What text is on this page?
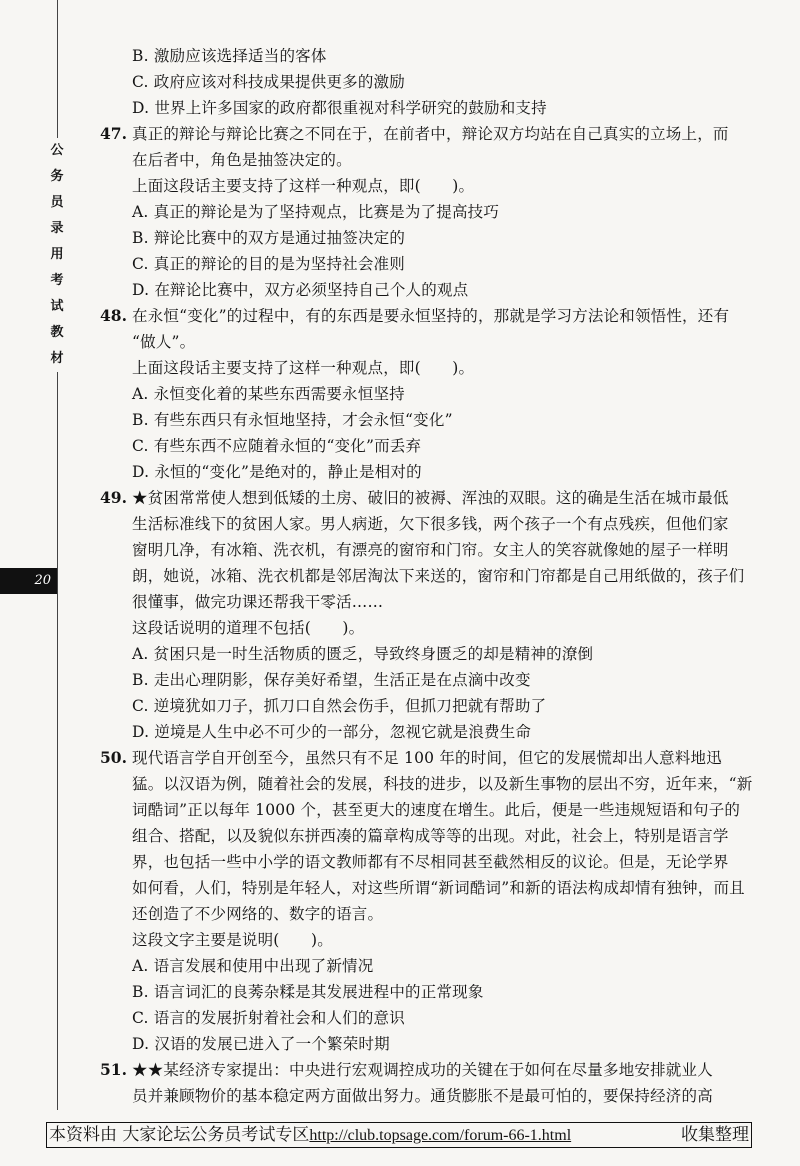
公
务
员
录
用
考
试
教
材
20
B. 激励应该选择适当的客体
C. 政府应该对科技成果提供更多的激励
D. 世界上许多国家的政府都很重视对科学研究的鼓励和支持
47. 真正的辩论与辩论比赛之不同在于，在前者中，辩论双方均站在自己真实的立场上，而
在后者中，角色是抽签决定的。
上面这段话主要支持了这样一种观点，即(　　)。
A. 真正的辩论是为了坚持观点，比赛是为了提高技巧
B. 辩论比赛中的双方是通过抽签决定的
C. 真正的辩论的目的是为坚持社会准则
D. 在辩论比赛中，双方必须坚持自己个人的观点
48. 在永恒“变化”的过程中，有的东西是要永恒坚持的，那就是学习方法论和领悟性，还有
“做人”。
上面这段话主要支持了这样一种观点，即(　　)。
A. 永恒变化着的某些东西需要永恒坚持
B. 有些东西只有永恒地坚持，才会永恒“变化”
C. 有些东西不应随着永恒的“变化”而丢弃
D. 永恒的“变化”是绝对的，静止是相对的
49. ★贫困常常使人想到低矮的土房、破旧的被褥、浑浊的双眼。这的确是生活在城市最低
生活标准线下的贫困人家。男人病逝，欠下很多钱，两个孩子一个有点残疾，但他们家
窗明几净，有冰箱、洗衣机，有漂亮的窗帘和门帘。女主人的笑容就像她的屋子一样明
朗，她说，冰箱、洗衣机都是邻居淘汰下来送的，窗帘和门帘都是自己用纸做的，孩子们
很懂事，做完功课还帮我干零活……
这段话说明的道理不包括(　　)。
A. 贫困只是一时生活物质的匮乏，导致终身匮乏的却是精神的潦倒
B. 走出心理阴影，保存美好希望，生活正是在点滴中改变
C. 逆境犹如刀子，抓刀口自然会伤手，但抓刀把就有帮助了
D. 逆境是人生中必不可少的一部分，忽视它就是浪费生命
50. 现代语言学自开创至今，虽然只有不足 100 年的时间，但它的发展慌却出人意料地迅
猛。以汉语为例，随着社会的发展，科技的进步，以及新生事物的层出不穷，近年来，“新
词酷词”正以每年 1000 个，甚至更大的速度在增生。此后，便是一些违规短语和句子的
组合、搭配，以及貌似东拼西凑的篇章构成等等的出现。对此，社会上，特别是语言学
界，也包括一些中小学的语文教师都有不尽相同甚至截然相反的议论。但是，无论学界
如何看，人们，特别是年轻人，对这些所谓“新词酷词”和新的语法构成却情有独钟，而且
还创造了不少网络的、数字的语言。
这段文字主要是说明(　　)。
A. 语言发展和使用中出现了新情况
B. 语言词汇的良莠杂糅是其发展进程中的正常现象
C. 语言的发展折射着社会和人们的意识
D. 汉语的发展已进入了一个繁荣时期
51. ★★某经济专家提出：中央进行宏观调控成功的关键在于如何在尽量多地安排就业人
员并兼顾物价的基本稳定两方面做出努力。通货膨胀不是最可怕的，要保持经济的高
本资料由 大家论坛公务员考试专区http://club.topsage.com/forum-66-1.html	收集整理
